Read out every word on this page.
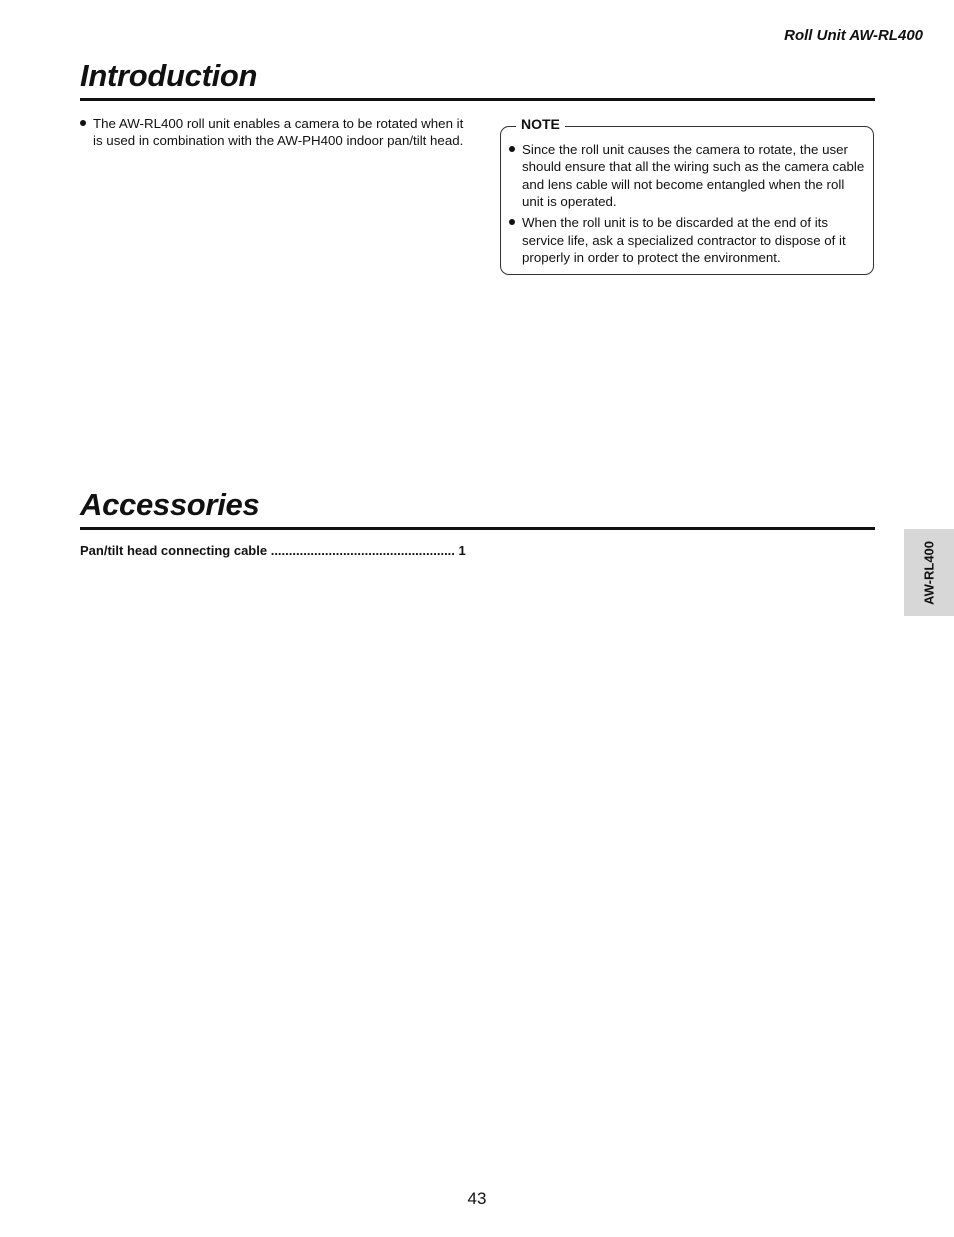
Roll Unit AW-RL400
Introduction
The AW-RL400 roll unit enables a camera to be rotated when it is used in combination with the AW-PH400 indoor pan/tilt head.
NOTE
Since the roll unit causes the camera to rotate, the user should ensure that all the wiring such as the camera cable and lens cable will not become entangled when the roll unit is operated.
When the roll unit is to be discarded at the end of its service life, ask a specialized contractor to dispose of it properly in order to protect the environment.
Accessories
Pan/tilt head connecting cable ................................................... 1	AW-RL400
43
